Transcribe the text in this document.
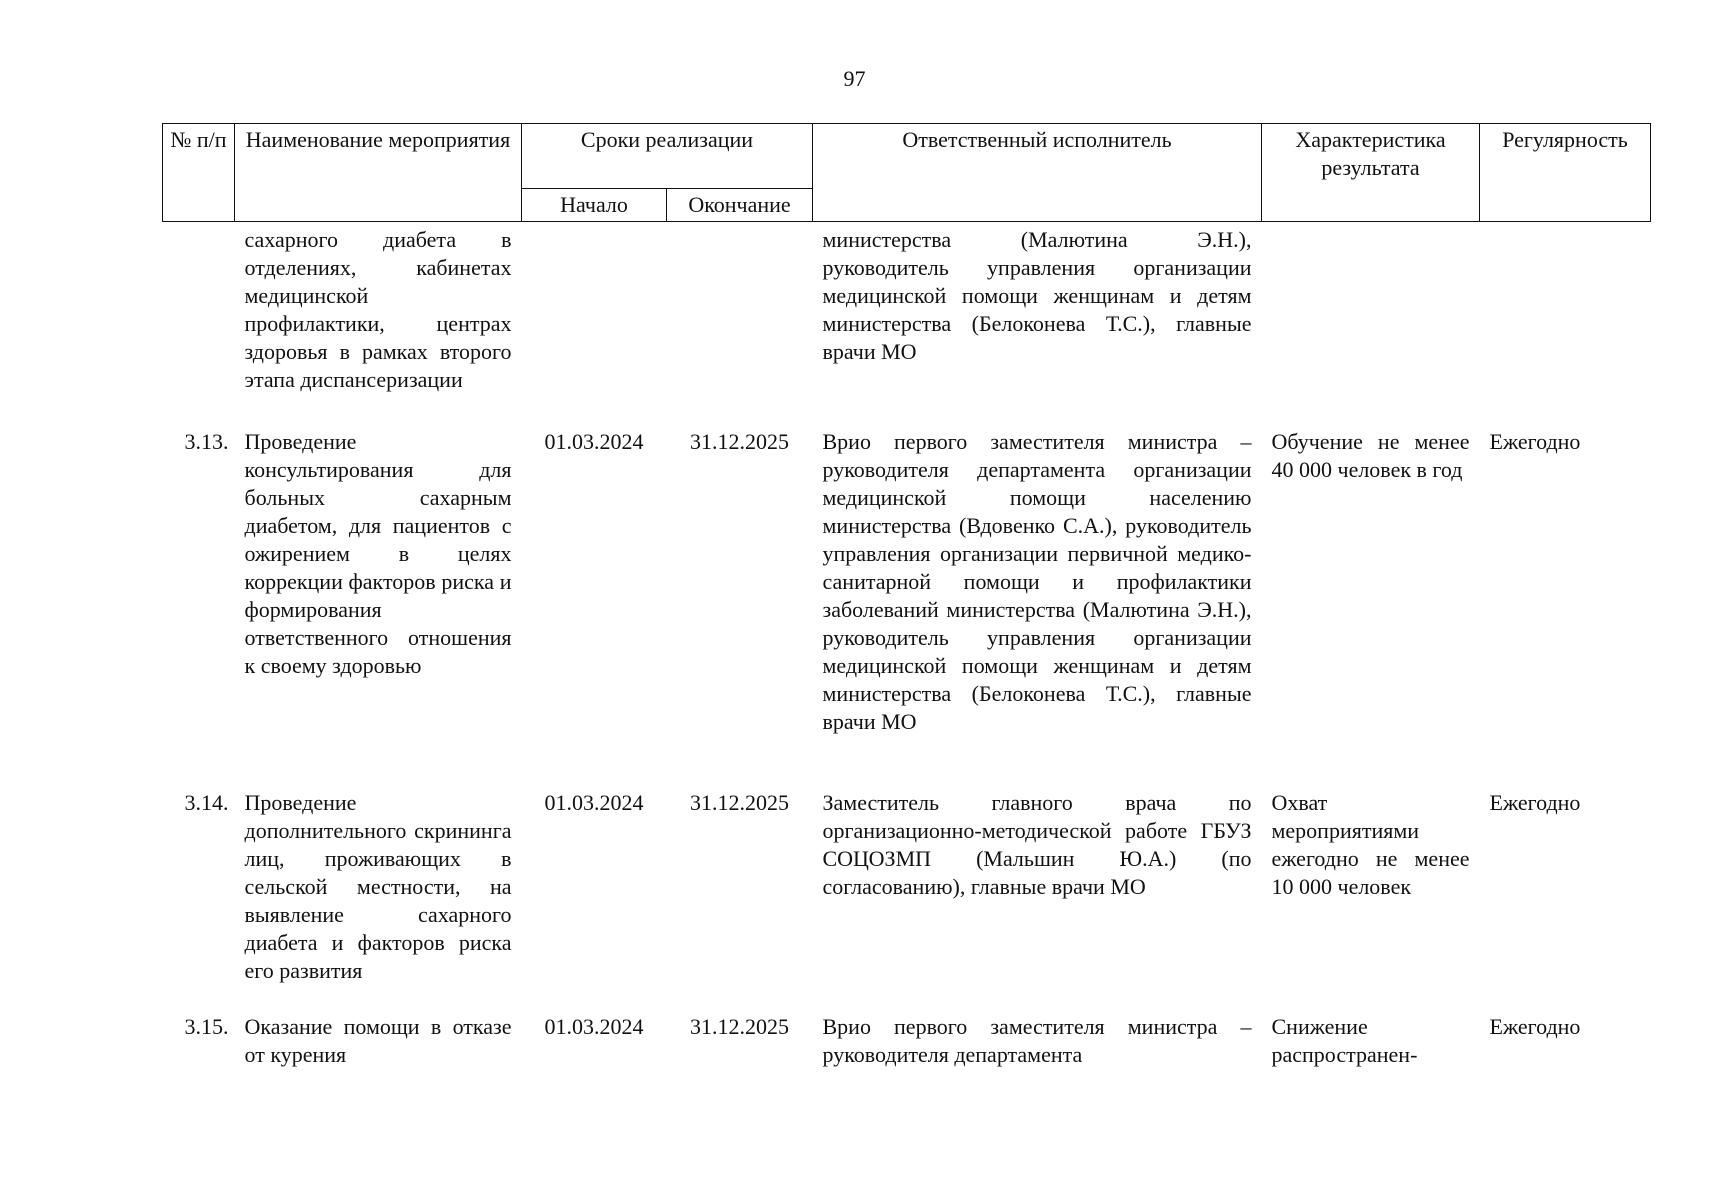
97
№ п/п	Наименование мероприятия	Сроки реализации		Ответственный исполнитель	Характеристика результата	Регулярность
		Начало	Окончание			
	сахарного диабета в отделениях, кабинетах медицинской профилактики, центрах здоровья в рамках второго этапа диспансеризации			министерства (Малютина Э.Н.), руководитель управления организации медицинской помощи женщинам и детям министерства (Белоконева Т.С.), главные врачи МО		
3.13.	Проведение консультирования для больных сахарным диабетом, для пациентов с ожирением в целях коррекции факторов риска и формирования ответственного отношения к своему здоровью	01.03.2024	31.12.2025	Врио первого заместителя министра – руководителя департамента организации медицинской помощи населению министерства (Вдовенко С.А.), руководитель управления организации первичной медико-санитарной помощи и профилактики заболеваний министерства (Малютина Э.Н.), руководитель управления организации медицинской помощи женщинам и детям министерства (Белоконева Т.С.), главные врачи МО	Обучение не менее 40 000 человек в год	Ежегодно
3.14.	Проведение дополнительного скрининга лиц, проживающих в сельской местности, на выявление сахарного диабета и факторов риска его развития	01.03.2024	31.12.2025	Заместитель главного врача по организационно-методической работе ГБУЗ СОЦОЗМП (Мальшин Ю.А.) (по согласованию), главные врачи МО	Охват мероприятиями ежегодно не менее 10 000 человек	Ежегодно
3.15.	Оказание помощи в отказе от курения	01.03.2024	31.12.2025	Врио первого заместителя министра – руководителя департамента	Снижение распространен-	Ежегодно
